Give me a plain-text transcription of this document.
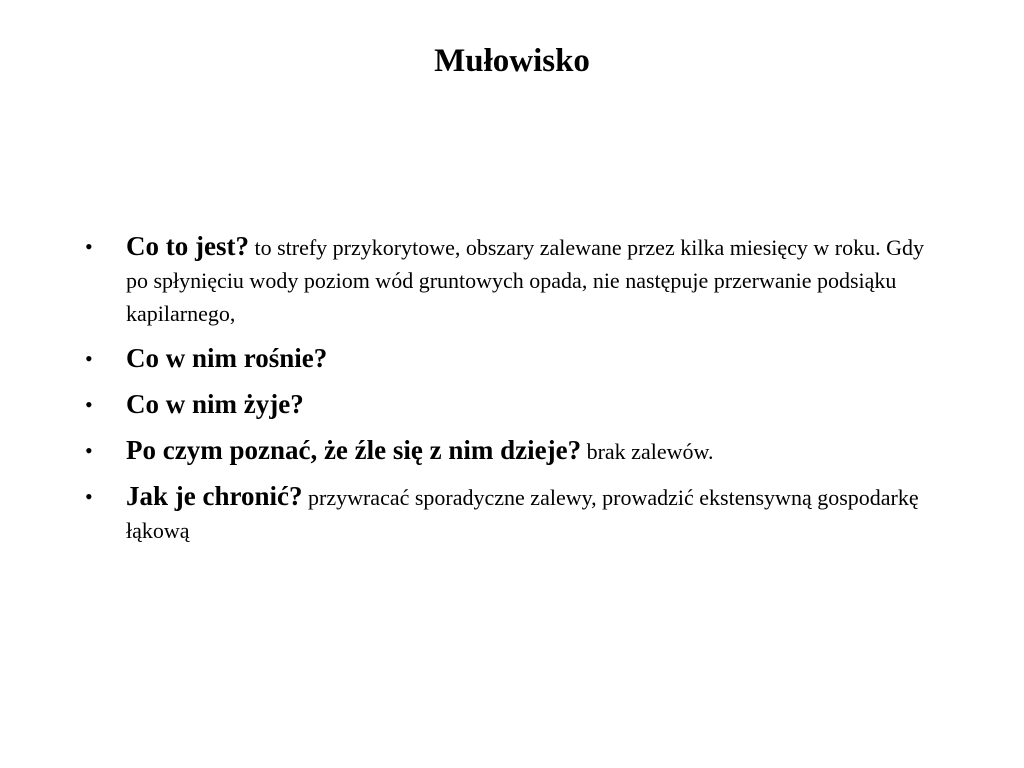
Mułowisko
•	Co to jest? to strefy przykorytowe, obszary zalewane przez kilka miesięcy w roku. Gdy po spłynięciu wody poziom wód gruntowych opada, nie następuje przerwanie podsiąku kapilarnego,
•	Co w nim rośnie?
•	Co w nim żyje?
•	Po czym poznać, że źle się z nim dzieje? brak zalewów.
•	Jak je chronić? przywracać sporadyczne zalewy, prowadzić ekstensywną gospodarkę łąkową
